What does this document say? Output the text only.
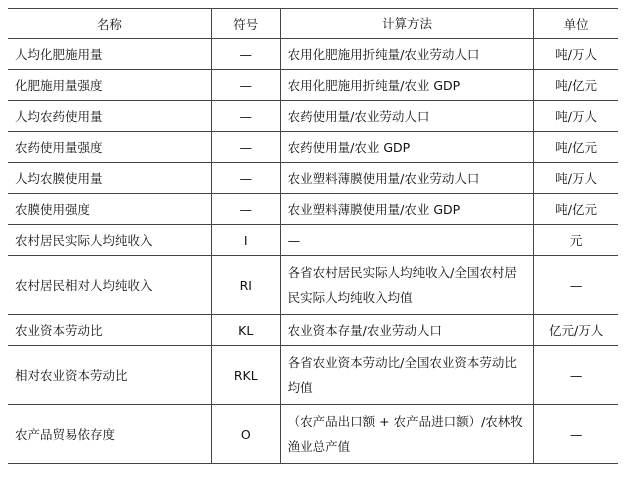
名称	符号	计算方法	单位
人均化肥施用量	—	农用化肥施用折纯量/农业劳动人口	吨/万人
化肥施用量强度	—	农用化肥施用折纯量/农业 GDP	吨/亿元
人均农药使用量	—	农药使用量/农业劳动人口	吨/万人
农药使用量强度	—	农药使用量/农业 GDP	吨/亿元
人均农膜使用量	—	农业塑料薄膜使用量/农业劳动人口	吨/万人
农膜使用强度	—	农业塑料薄膜使用量/农业 GDP	吨/亿元
农村居民实际人均纯收入	I	—	元
农村居民相对人均纯收入	RI	各省农村居民实际人均纯收入/全国农村居民实际人均纯收入均值	—
农业资本劳动比	KL	农业资本存量/农业劳动人口	亿元/万人
相对农业资本劳动比	RKL	各省农业资本劳动比/全国农业资本劳动比均值	—
农产品贸易依存度	O	（农产品出口额 + 农产品进口额）/农林牧渔业总产值	—
